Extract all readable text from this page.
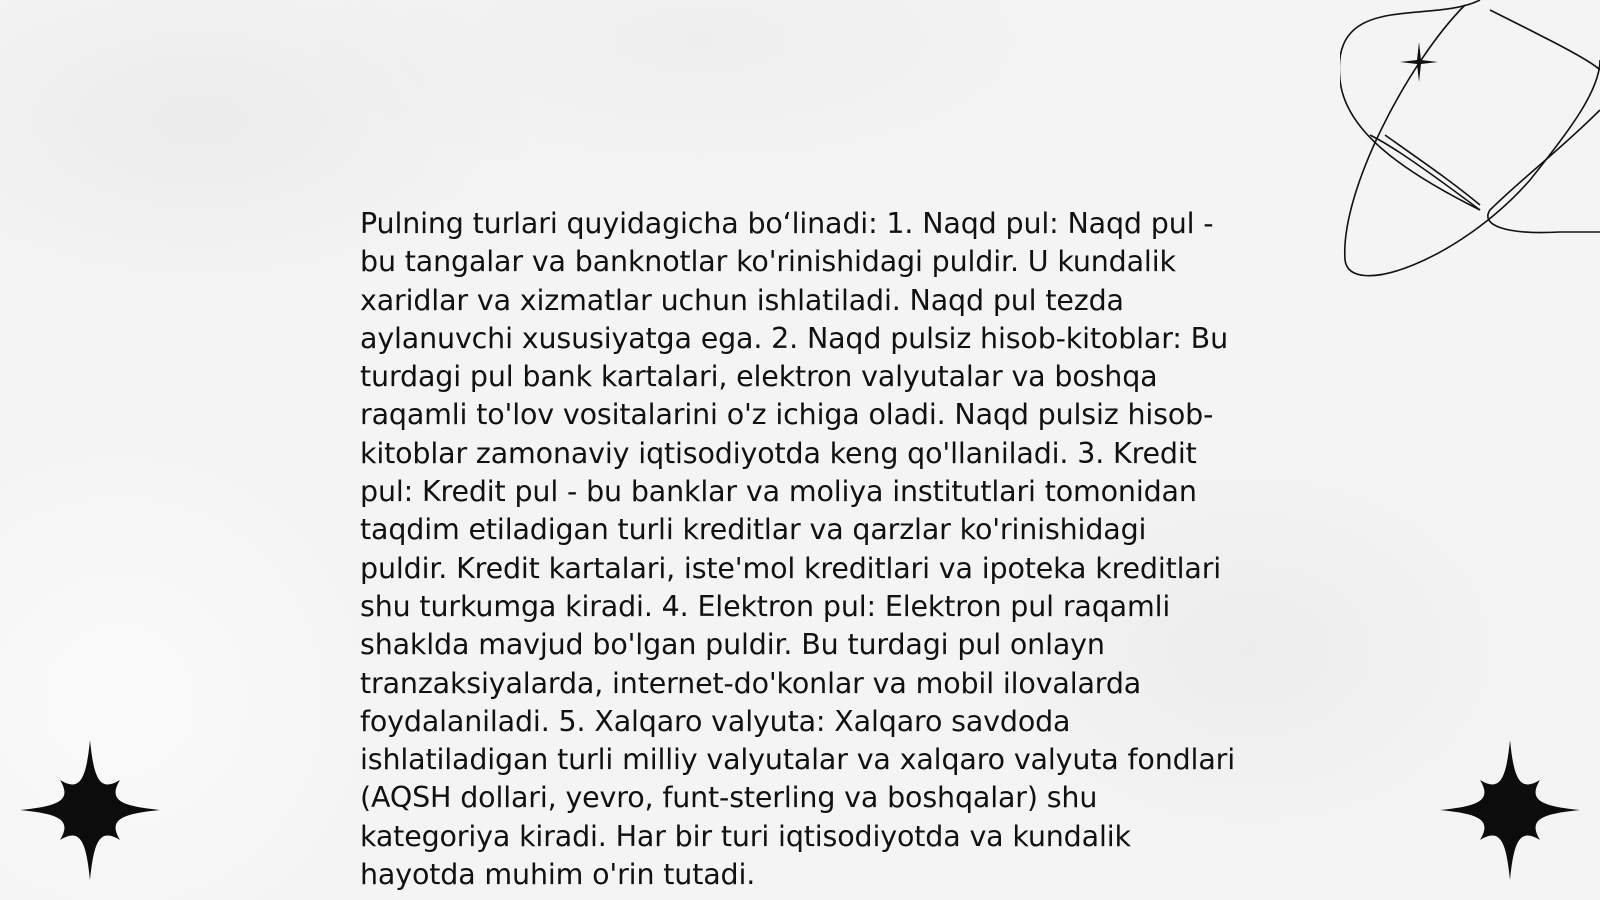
Pulning turlari quyidagicha bo‘linadi: 1. Naqd pul: Naqd pul - bu tangalar va banknotlar ko'rinishidagi puldir. U kundalik xaridlar va xizmatlar uchun ishlatiladi. Naqd pul tezda aylanuvchi xususiyatga ega. 2. Naqd pulsiz hisob-kitoblar: Bu turdagi pul bank kartalari, elektron valyutalar va boshqa raqamli to'lov vositalarini o'z ichiga oladi. Naqd pulsiz hisob-kitoblar zamonaviy iqtisodiyotda keng qo'llaniladi. 3. Kredit pul: Kredit pul - bu banklar va moliya institutlari tomonidan taqdim etiladigan turli kreditlar va qarzlar ko'rinishidagi puldir. Kredit kartalari, iste'mol kreditlari va ipoteka kreditlari shu turkumga kiradi. 4. Elektron pul: Elektron pul raqamli shaklda mavjud bo'lgan puldir. Bu turdagi pul onlayn tranzaksiyalarda, internet-do'konlar va mobil ilovalarda foydalaniladi. 5. Xalqaro valyuta: Xalqaro savdoda ishlatiladigan turli milliy valyutalar va xalqaro valyuta fondlari (AQSH dollari, yevro, funt-sterling va boshqalar) shu kategoriya kiradi. Har bir turi iqtisodiyotda va kundalik hayotda muhim o'rin tutadi.
